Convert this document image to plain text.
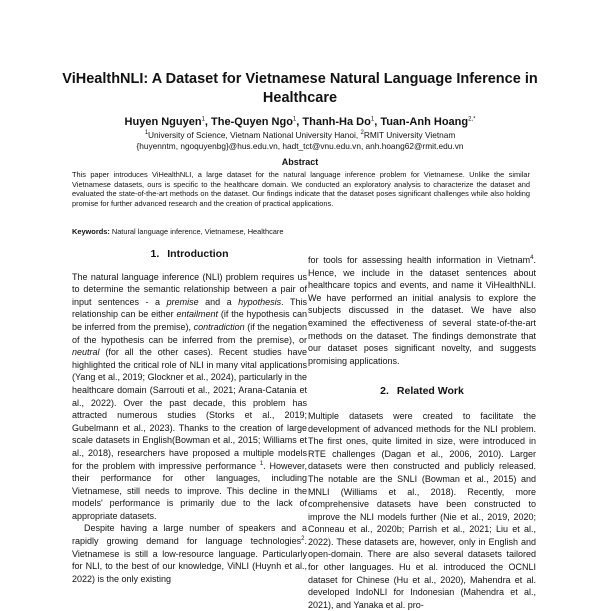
ViHealthNLI: A Dataset for Vietnamese Natural Language Inference in Healthcare
Huyen Nguyen$^1$, The-Quyen Ngo$^1$, Thanh-Ha Do$^1$, Tuan-Anh Hoang$^{2,*}$
$^1$University of Science, Vietnam National University Hanoi, $^2$RMIT University Vietnam
{huyenntm, ngoquyenbg}@hus.edu.vn, hadt_tct@vnu.edu.vn, anh.hoang62@rmit.edu.vn
Abstract
This paper introduces ViHealthNLI, a large dataset for the natural language inference problem for Vietnamese. Unlike the similar Vietnamese datasets, ours is specific to the healthcare domain. We conducted an exploratory analysis to characterize the dataset and evaluated the state-of-the-art methods on the dataset. Our findings indicate that the dataset poses significant challenges while also holding promise for further advanced research and the creation of practical applications.
Keywords: Natural language inference, Vietnamese, Healthcare

1. Introduction

The natural language inference (NLI) problem requires us to determine the semantic relationship between a pair of input sentences - a premise and a hypothesis. This relationship can be either entailment (if the hypothesis can be inferred from the premise), contradiction (if the negation of the hypothesis can be inferred from the premise), or neutral (for all the other cases). Recent studies have highlighted the critical role of NLI in many vital applications (Yang et al., 2019; Glockner et al., 2024), particularly in the healthcare domain (Sarrouti et al., 2021; Arana-Catania et al., 2022). Over the past decade, this problem has attracted numerous studies (Storks et al., 2019; Gubelmann et al., 2023). Thanks to the creation of large scale datasets in English(Bowman et al., 2015; Williams et al., 2018), researchers have proposed a multiple models for the problem with impressive performance $^1$. However, their performance for other languages, including Vietnamese, still needs to improve. This decline in the models' performance is primarily due to the lack of appropriate datasets.

Despite having a large number of speakers and a rapidly growing demand for language technologies$^2$. Vietnamese is still a low-resource language. Particularly for NLI, to the best of our knowledge, ViNLI (Huynh et al., 2022) is the only existing

for tools for assessing health information in Vietnam$^4$. Hence, we include in the dataset sentences about healthcare topics and events, and name it ViHealthNLI. We have performed an initial analysis to explore the subjects discussed in the dataset. We have also examined the effectiveness of several state-of-the-art methods on the dataset. The findings demonstrate that our dataset poses significant novelty, and suggests promising applications.

2. Related Work

Multiple datasets were created to facilitate the development of advanced methods for the NLI problem. The first ones, quite limited in size, were introduced in RTE challenges (Dagan et al., 2006, 2010). Larger datasets were then constructed and publicly released. The notable are the SNLI (Bowman et al., 2015) and MNLI (Williams et al., 2018). Recently, more comprehensive datasets have been constructed to improve the NLI models further (Nie et al., 2019, 2020; Conneau et al., 2020b; Parrish et al., 2021; Liu et al., 2022). These datasets are, however, only in English and open-domain. There are also several datasets tailored for other languages. Hu et al. introduced the OCNLI dataset for Chinese (Hu et al., 2020), Mahendra et al. developed IndoNLI for Indonesian (Mahendra et al., 2021), and Yanaka et al. pro-
